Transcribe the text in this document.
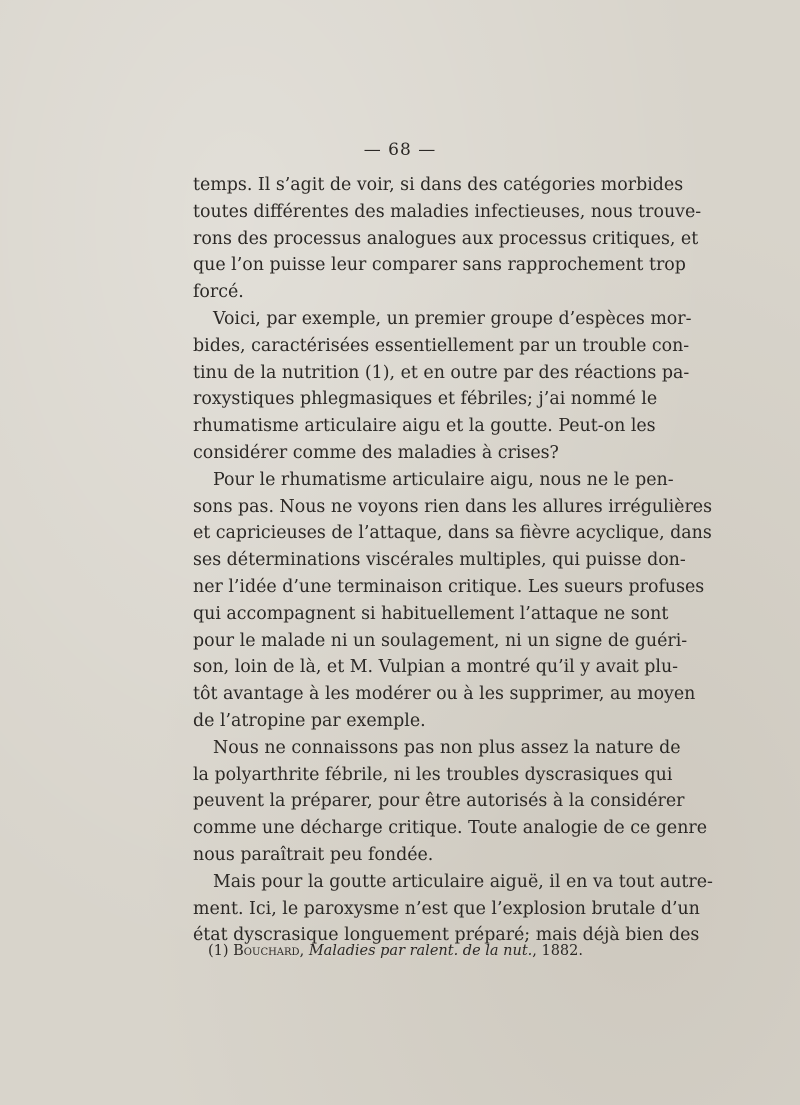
— 68 —
temps. Il s’agit de voir, si dans des catégories morbides
toutes différentes des maladies infectieuses, nous trouve-
rons des processus analogues aux processus critiques, et
que l’on puisse leur comparer sans rapprochement trop
forcé.
Voici, par exemple, un premier groupe d’espèces mor-
bides, caractérisées essentiellement par un trouble con-
tinu de la nutrition (1), et en outre par des réactions pa-
roxystiques phlegmasiques et fébriles; j’ai nommé le
rhumatisme articulaire aigu et la goutte. Peut-on les
considérer comme des maladies à crises?
Pour le rhumatisme articulaire aigu, nous ne le pen-
sons pas. Nous ne voyons rien dans les allures irrégulières
et capricieuses de l’attaque, dans sa fièvre acyclique, dans
ses déterminations viscérales multiples, qui puisse don-
ner l’idée d’une terminaison critique. Les sueurs profuses
qui accompagnent si habituellement l’attaque ne sont
pour le malade ni un soulagement, ni un signe de guéri-
son, loin de là, et M. Vulpian a montré qu’il y avait plu-
tôt avantage à les modérer ou à les supprimer, au moyen
de l’atropine par exemple.
Nous ne connaissons pas non plus assez la nature de
la polyarthrite fébrile, ni les troubles dyscrasiques qui
peuvent la préparer, pour être autorisés à la considérer
comme une décharge critique. Toute analogie de ce genre
nous paraîtrait peu fondée.
Mais pour la goutte articulaire aiguë, il en va tout autre-
ment. Ici, le paroxysme n’est que l’explosion brutale d’un
état dyscrasique longuement préparé; mais déjà bien des
(1) Bouchard, Maladies par ralent. de la nut., 1882.
